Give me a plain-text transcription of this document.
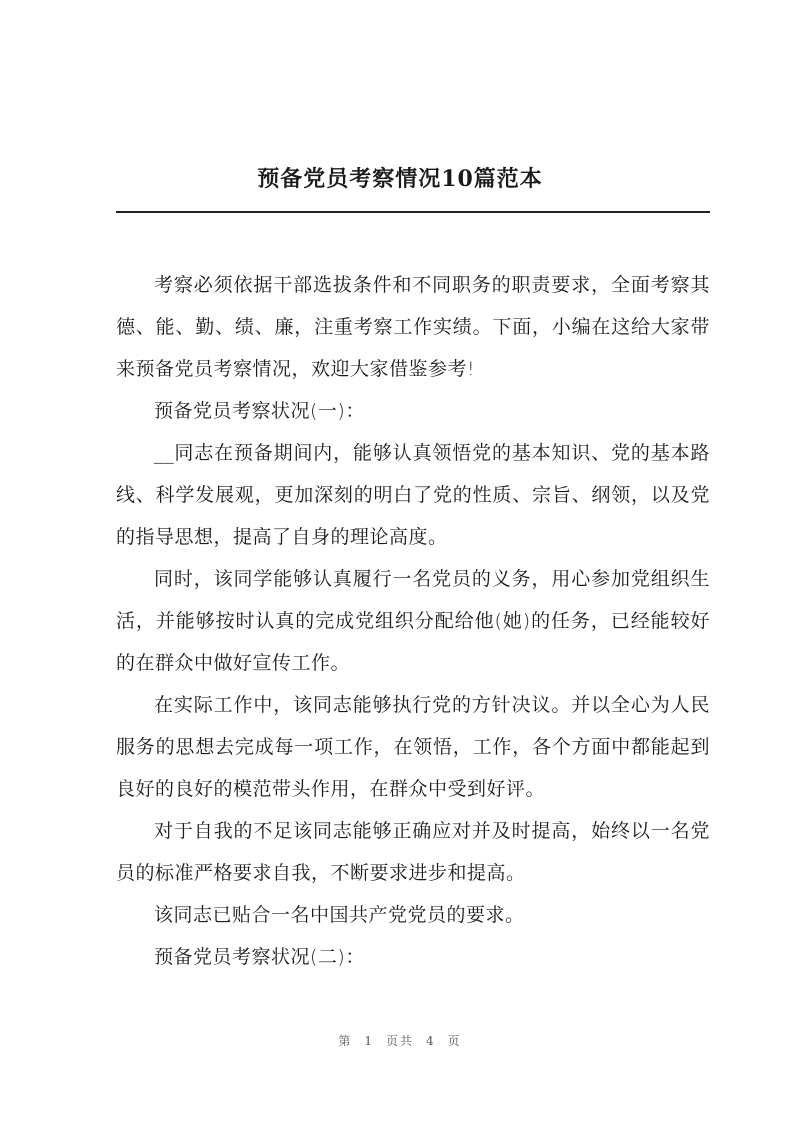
预备党员考察情况10篇范本

考察必须依据干部选拔条件和不同职务的职责要求，全面考察其德、能、勤、绩、廉，注重考察工作实绩。下面，小编在这给大家带来预备党员考察情况，欢迎大家借鉴参考!

预备党员考察状况(一)：

__同志在预备期间内，能够认真领悟党的基本知识、党的基本路线、科学发展观，更加深刻的明白了党的性质、宗旨、纲领，以及党的指导思想，提高了自身的理论高度。

同时，该同学能够认真履行一名党员的义务，用心参加党组织生活，并能够按时认真的完成党组织分配给他(她)的任务，已经能较好的在群众中做好宣传工作。

在实际工作中，该同志能够执行党的方针决议。并以全心为人民服务的思想去完成每一项工作，在领悟，工作，各个方面中都能起到良好的良好的模范带头作用，在群众中受到好评。

对于自我的不足该同志能够正确应对并及时提高，始终以一名党员的标准严格要求自我，不断要求进步和提高。

该同志已贴合一名中国共产党党员的要求。

预备党员考察状况(二)：

第 1 页共 4 页
